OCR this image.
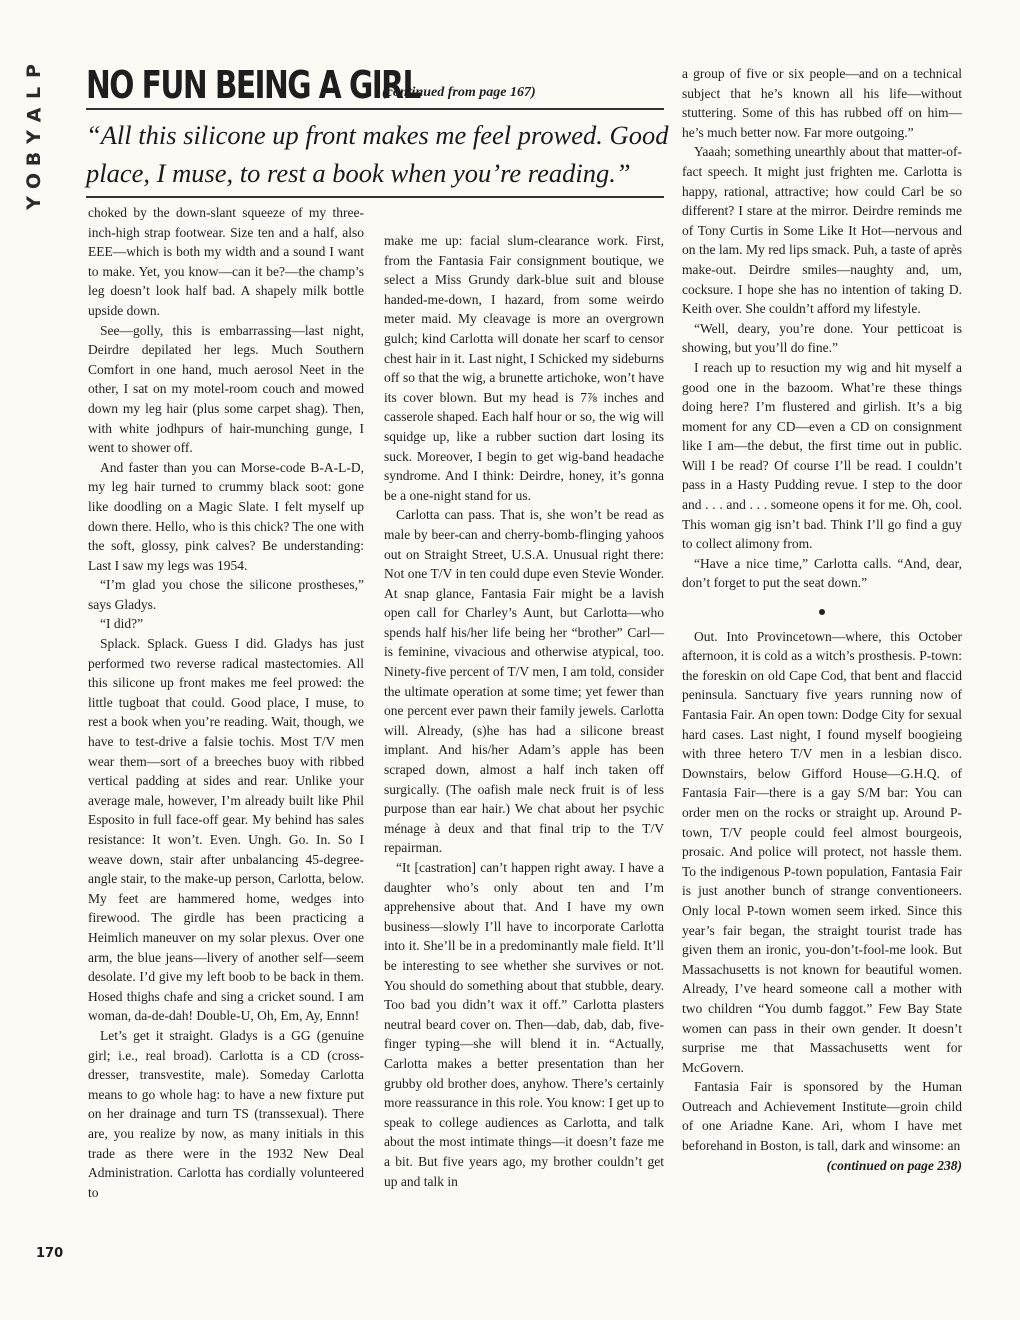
P
L
A
Y
B
O
Y
NO FUN BEING A GIRL
(continued from page 167)
“All this silicone up front makes me feel prowed. Good place, I muse, to rest a book when you’re reading.”

choked by the down-slant squeeze of my three-inch-high strap footwear. Size ten and a half, also EEE—which is both my width and a sound I want to make. Yet, you know—can it be?—the champ’s leg doesn’t look half bad. A shapely milk bottle upside down.

See—golly, this is embarrassing—last night, Deirdre depilated her legs. Much Southern Comfort in one hand, much aerosol Neet in the other, I sat on my motel-room couch and mowed down my leg hair (plus some carpet shag). Then, with white jodhpurs of hair-munching gunge, I went to shower off.

And faster than you can Morse-code B-A-L-D, my leg hair turned to crummy black soot: gone like doodling on a Magic Slate. I felt myself up down there. Hello, who is this chick? The one with the soft, glossy, pink calves? Be understanding: Last I saw my legs was 1954.

“I’m glad you chose the silicone prostheses,” says Gladys.

“I did?”

Splack. Splack. Guess I did. Gladys has just performed two reverse radical mastectomies. All this silicone up front makes me feel prowed: the little tugboat that could. Good place, I muse, to rest a book when you’re reading. Wait, though, we have to test-drive a falsie tochis. Most T/V men wear them—sort of a breeches buoy with ribbed vertical padding at sides and rear. Unlike your average male, however, I’m already built like Phil Esposito in full face-off gear. My behind has sales resistance: It won’t. Even. Ungh. Go. In. So I weave down, stair after unbalancing 45-degree-angle stair, to the make-up person, Carlotta, below. My feet are hammered home, wedges into firewood. The girdle has been practicing a Heimlich maneuver on my solar plexus. Over one arm, the blue jeans—livery of another self—seem desolate. I’d give my left boob to be back in them. Hosed thighs chafe and sing a cricket sound. I am woman, da-de-dah! Double-U, Oh, Em, Ay, Ennn!

Let’s get it straight. Gladys is a GG (genuine girl; i.e., real broad). Carlotta is a CD (cross-dresser, transvestite, male). Someday Carlotta means to go whole hag: to have a new fixture put on her drainage and turn TS (transsexual). There are, you realize by now, as many initials in this trade as there were in the 1932 New Deal Administration. Carlotta has cordially volunteered to

make me up: facial slum-clearance work. First, from the Fantasia Fair consignment boutique, we select a Miss Grundy dark-blue suit and blouse handed-me-down, I hazard, from some weirdo meter maid. My cleavage is more an overgrown gulch; kind Carlotta will donate her scarf to censor chest hair in it. Last night, I Schicked my sideburns off so that the wig, a brunette artichoke, won’t have its cover blown. But my head is 7⅞ inches and casserole shaped. Each half hour or so, the wig will squidge up, like a rubber suction dart losing its suck. Moreover, I begin to get wig-band headache syndrome. And I think: Deirdre, honey, it’s gonna be a one-night stand for us.

Carlotta can pass. That is, she won’t be read as male by beer-can and cherry-bomb-flinging yahoos out on Straight Street, U.S.A. Unusual right there: Not one T/V in ten could dupe even Stevie Wonder. At snap glance, Fantasia Fair might be a lavish open call for Charley’s Aunt, but Carlotta—who spends half his/her life being her “brother” Carl—is feminine, vivacious and otherwise atypical, too. Ninety-five percent of T/V men, I am told, consider the ultimate operation at some time; yet fewer than one percent ever pawn their family jewels. Carlotta will. Already, (s)he has had a silicone breast implant. And his/her Adam’s apple has been scraped down, almost a half inch taken off surgically. (The oafish male neck fruit is of less purpose than ear hair.) We chat about her psychic ménage à deux and that final trip to the T/V repairman.

“It [castration] can’t happen right away. I have a daughter who’s only about ten and I’m apprehensive about that. And I have my own business—slowly I’ll have to incorporate Carlotta into it. She’ll be in a predominantly male field. It’ll be interesting to see whether she survives or not. You should do something about that stubble, deary. Too bad you didn’t wax it off.” Carlotta plasters neutral beard cover on. Then—dab, dab, dab, five-finger typing—she will blend it in. “Actually, Carlotta makes a better presentation than her grubby old brother does, anyhow. There’s certainly more reassurance in this role. You know: I get up to speak to college audiences as Carlotta, and talk about the most intimate things—it doesn’t faze me a bit. But five years ago, my brother couldn’t get up and talk in

a group of five or six people—and on a technical subject that he’s known all his life—without stuttering. Some of this has rubbed off on him—he’s much better now. Far more outgoing.”

Yaaah; something unearthly about that matter-of-fact speech. It might just frighten me. Carlotta is happy, rational, attractive; how could Carl be so different? I stare at the mirror. Deirdre reminds me of Tony Curtis in Some Like It Hot—nervous and on the lam. My red lips smack. Puh, a taste of après make-out. Deirdre smiles—naughty and, um, cocksure. I hope she has no intention of taking D. Keith over. She couldn’t afford my lifestyle.

“Well, deary, you’re done. Your petticoat is showing, but you’ll do fine.”

I reach up to resuction my wig and hit myself a good one in the bazoom. What’re these things doing here? I’m flustered and girlish. It’s a big moment for any CD—even a CD on consignment like I am—the debut, the first time out in public. Will I be read? Of course I’ll be read. I couldn’t pass in a Hasty Pudding revue. I step to the door and . . . and . . . someone opens it for me. Oh, cool. This woman gig isn’t bad. Think I’ll go find a guy to collect alimony from.

“Have a nice time,” Carlotta calls. “And, dear, don’t forget to put the seat down.”

Out. Into Provincetown—where, this October afternoon, it is cold as a witch’s prosthesis. P-town: the foreskin on old Cape Cod, that bent and flaccid peninsula. Sanctuary five years running now of Fantasia Fair. An open town: Dodge City for sexual hard cases. Last night, I found myself boogieing with three hetero T/V men in a lesbian disco. Downstairs, below Gifford House—G.H.Q. of Fantasia Fair—there is a gay S/M bar: You can order men on the rocks or straight up. Around P-town, T/V people could feel almost bourgeois, prosaic. And police will protect, not hassle them. To the indigenous P-town population, Fantasia Fair is just another bunch of strange conventioneers. Only local P-town women seem irked. Since this year’s fair began, the straight tourist trade has given them an ironic, you-don’t-fool-me look. But Massachusetts is not known for beautiful women. Already, I’ve heard someone call a mother with two children “You dumb faggot.” Few Bay State women can pass in their own gender. It doesn’t surprise me that Massachusetts went for McGovern.

Fantasia Fair is sponsored by the Human Outreach and Achievement Institute—groin child of one Ariadne Kane. Ari, whom I have met beforehand in Boston, is tall, dark and winsome: an

(continued on page 238)

170
